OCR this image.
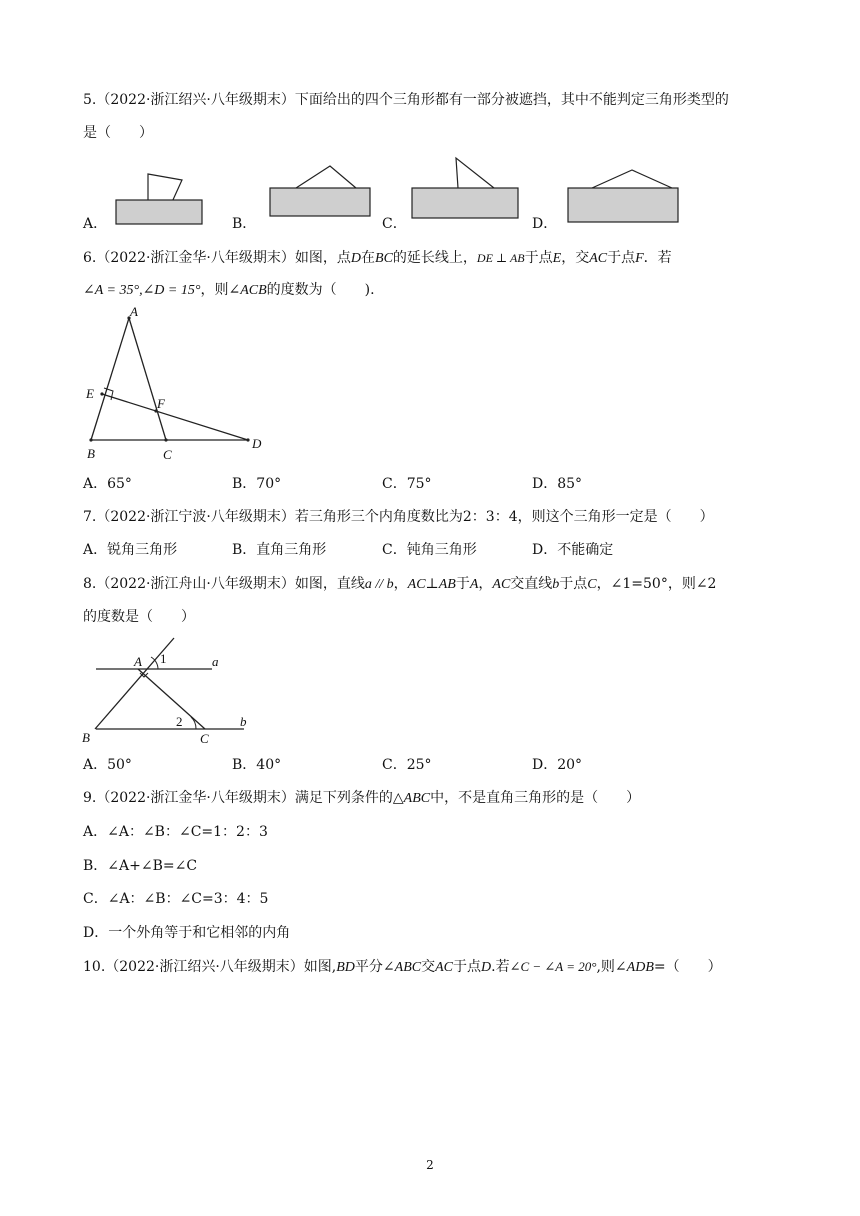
5.（2022·浙江绍兴·八年级期末）下面给出的四个三角形都有一部分被遮挡，其中不能判定三角形类型的
是（　　）
A．	B．	C．	D．
6.（2022·浙江金华·八年级期末）如图，点D在BC的延长线上，DE ⊥ AB于点E，交AC于点F．若
∠A = 35°,∠D = 15°，则∠ACB的度数为（　　).
A
E
F
B	C
D
A．65°	B．70°	C．75°	D．85°
7.（2022·浙江宁波·八年级期末）若三角形三个内角度数比为2：3：4，则这个三角形一定是（　　）
A．锐角三角形	B．直角三角形	C．钝角三角形	D．不能确定
8.（2022·浙江舟山·八年级期末）如图，直线a // b，AC⊥AB于A，AC交直线b于点C，∠1=50°，则∠2
的度数是（　　）
A 1	a
B
2
C
b
A．50°	B．40°	C．25°	D．20°
9.（2022·浙江金华·八年级期末）满足下列条件的△ABC中，不是直角三角形的是（　　）
A．∠A：∠B：∠C=1：2：3
B．∠A+∠B=∠C
C．∠A：∠B：∠C=3：4：5
D．一个外角等于和它相邻的内角
10.（2022·浙江绍兴·八年级期末）如图,BD平分∠ABC交AC于点D.若∠C − ∠A = 20°,则∠ADB=（　　）
2
